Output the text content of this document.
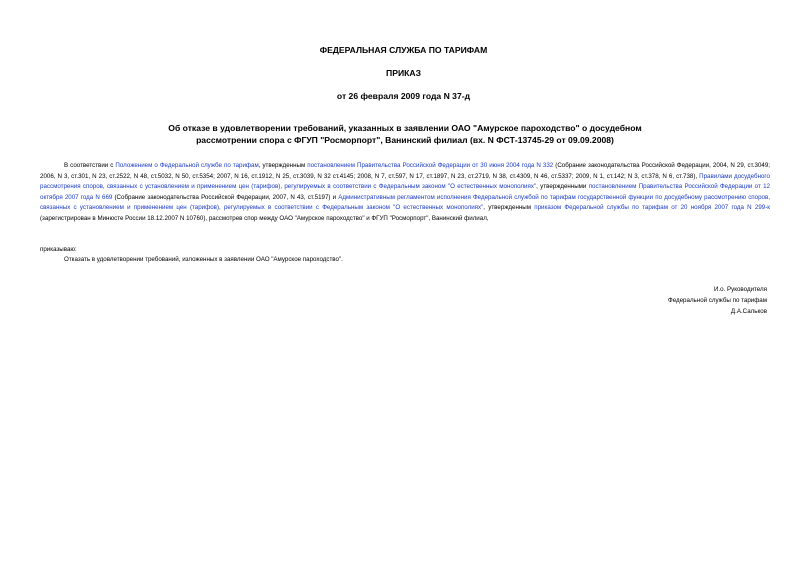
ФЕДЕРАЛЬНАЯ СЛУЖБА ПО ТАРИФАМ
ПРИКАЗ
от 26 февраля 2009 года N 37-д
Об отказе в удовлетворении требований, указанных в заявлении ОАО "Амурское пароходство" о досудебном рассмотрении спора с ФГУП "Росморпорт", Ванинский филиал (вх. N ФСТ-13745-29 от 09.09.2008)

В соответствии с Положением о Федеральной службе по тарифам, утвержденным постановлением Правительства Российской Федерации от 30 июня 2004 года N 332 (Собрание законодательства Российской Федерации, 2004, N 29, ст.3049; 2006, N 3, ст.301, N 23, ст.2522, N 48, ст.5032, N 50, ст.5354; 2007, N 16, ст.1912, N 25, ст.3039, N 32 ст.4145; 2008, N 7, ст.597, N 17, ст.1897, N 23, ст.2719, N 38, ст.4309, N 46, ст.5337; 2009, N 1, ст.142; N 3, ст.378, N 6, ст.738), Правилами досудебного рассмотрения споров, связанных с установлением и применением цен (тарифов), регулируемых в соответствии с Федеральным законом "О естественных монополиях", утвержденными постановлением Правительства Российской Федерации от 12 октября 2007 года N 669 (Собрание законодательства Российской Федерации, 2007, N 43, ст.5197) и Административным регламентом исполнения Федеральной службой по тарифам государственной функции по досудебному рассмотрению споров, связанных с установлением и применением цен (тарифов), регулируемых в соответствии с Федеральным законом "О естественных монополиях", утвержденным приказом Федеральной службы по тарифам от 20 ноября 2007 года N 299-к (зарегистрирован в Минюсте России 18.12.2007 N 10760), рассмотрев спор между ОАО "Амурское пароходство" и ФГУП "Росморпорт", Ванинский филиал,

приказываю:
Отказать в удовлетворении требований, изложенных в заявлении ОАО "Амурское пароходство".
И.о. Руководителя
Федеральной службы по тарифам
Д.А.Сальков
